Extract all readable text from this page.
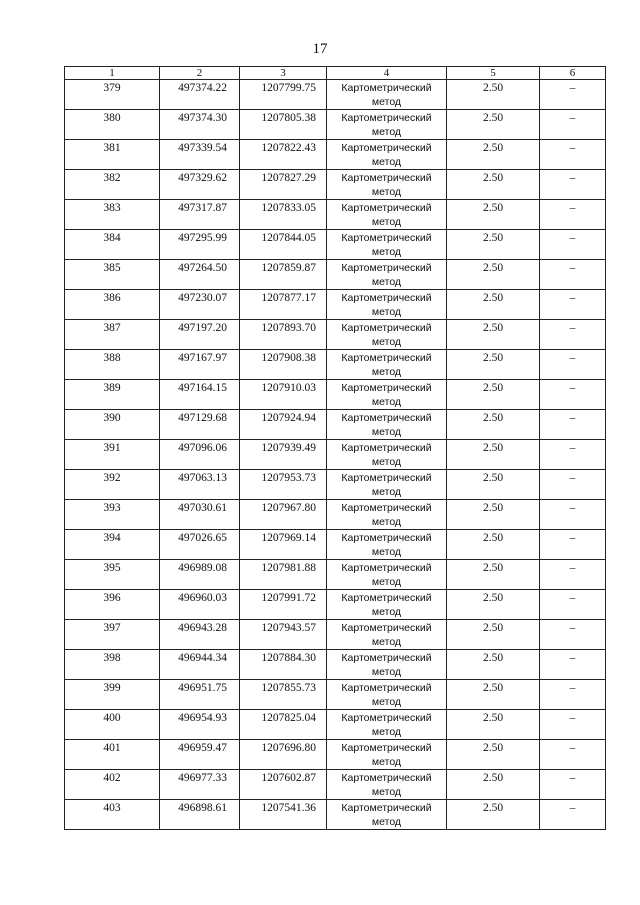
17
1	2	3	4	5	6
379	497374.22	1207799.75	Картометрический метод	2.50	–
380	497374.30	1207805.38	Картометрический метод	2.50	–
381	497339.54	1207822.43	Картометрический метод	2.50	–
382	497329.62	1207827.29	Картометрический метод	2.50	–
383	497317.87	1207833.05	Картометрический метод	2.50	–
384	497295.99	1207844.05	Картометрический метод	2.50	–
385	497264.50	1207859.87	Картометрический метод	2.50	–
386	497230.07	1207877.17	Картометрический метод	2.50	–
387	497197.20	1207893.70	Картометрический метод	2.50	–
388	497167.97	1207908.38	Картометрический метод	2.50	–
389	497164.15	1207910.03	Картометрический метод	2.50	–
390	497129.68	1207924.94	Картометрический метод	2.50	–
391	497096.06	1207939.49	Картометрический метод	2.50	–
392	497063.13	1207953.73	Картометрический метод	2.50	–
393	497030.61	1207967.80	Картометрический метод	2.50	–
394	497026.65	1207969.14	Картометрический метод	2.50	–
395	496989.08	1207981.88	Картометрический метод	2.50	–
396	496960.03	1207991.72	Картометрический метод	2.50	–
397	496943.28	1207943.57	Картометрический метод	2.50	–
398	496944.34	1207884.30	Картометрический метод	2.50	–
399	496951.75	1207855.73	Картометрический метод	2.50	–
400	496954.93	1207825.04	Картометрический метод	2.50	–
401	496959.47	1207696.80	Картометрический метод	2.50	–
402	496977.33	1207602.87	Картометрический метод	2.50	–
403	496898.61	1207541.36	Картометрический метод	2.50	–
